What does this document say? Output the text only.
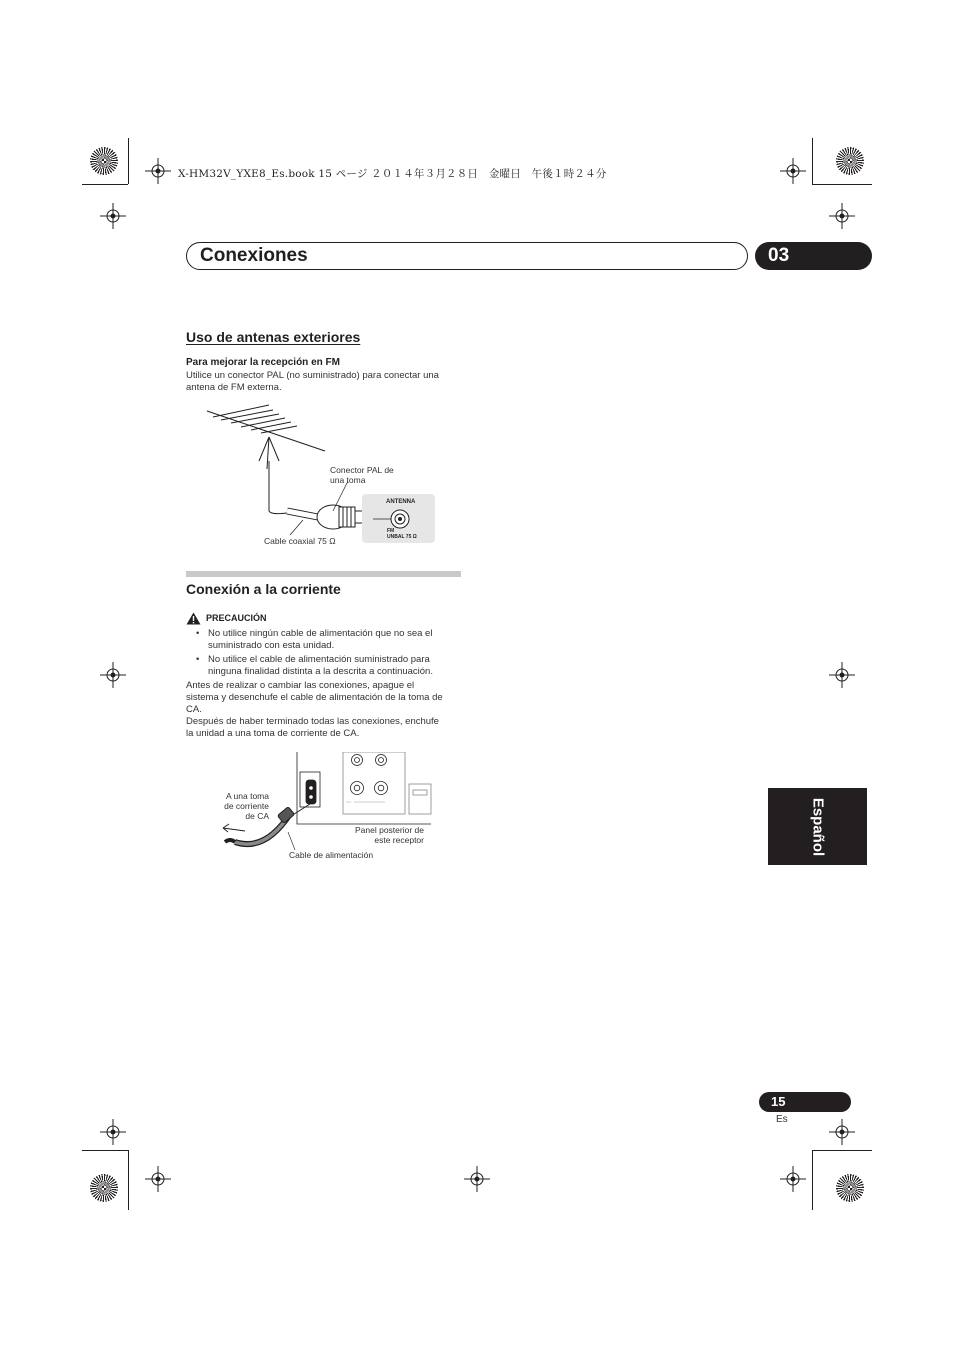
X-HM32V_YXE8_Es.book 15 ページ ２０１４年３月２８日　金曜日　午後１時２４分
Conexiones	03
Uso de antenas exteriores
Para mejorar la recepción en FM
Utilice un conector PAL (no suministrado) para conectar una
antena de FM externa.
Conector PAL de
una toma
Cable coaxial 75 Ω
ANTENNA
FM
UNBAL 75 Ω
Conexión a la corriente
PRECAUCIÓN
• No utilice ningún cable de alimentación que no sea el
suministrado con esta unidad.
• No utilice el cable de alimentación suministrado para
ninguna finalidad distinta a la descrita a continuación.
Antes de realizar o cambiar las conexiones, apague el
sistema y desenchufe el cable de alimentación de la toma de
CA.
Después de haber terminado todas las conexiones, enchufe
la unidad a una toma de corriente de CA.
A una toma
de corriente
de CA
Panel posterior de
este receptor
Cable de alimentación	Español
15
Es
